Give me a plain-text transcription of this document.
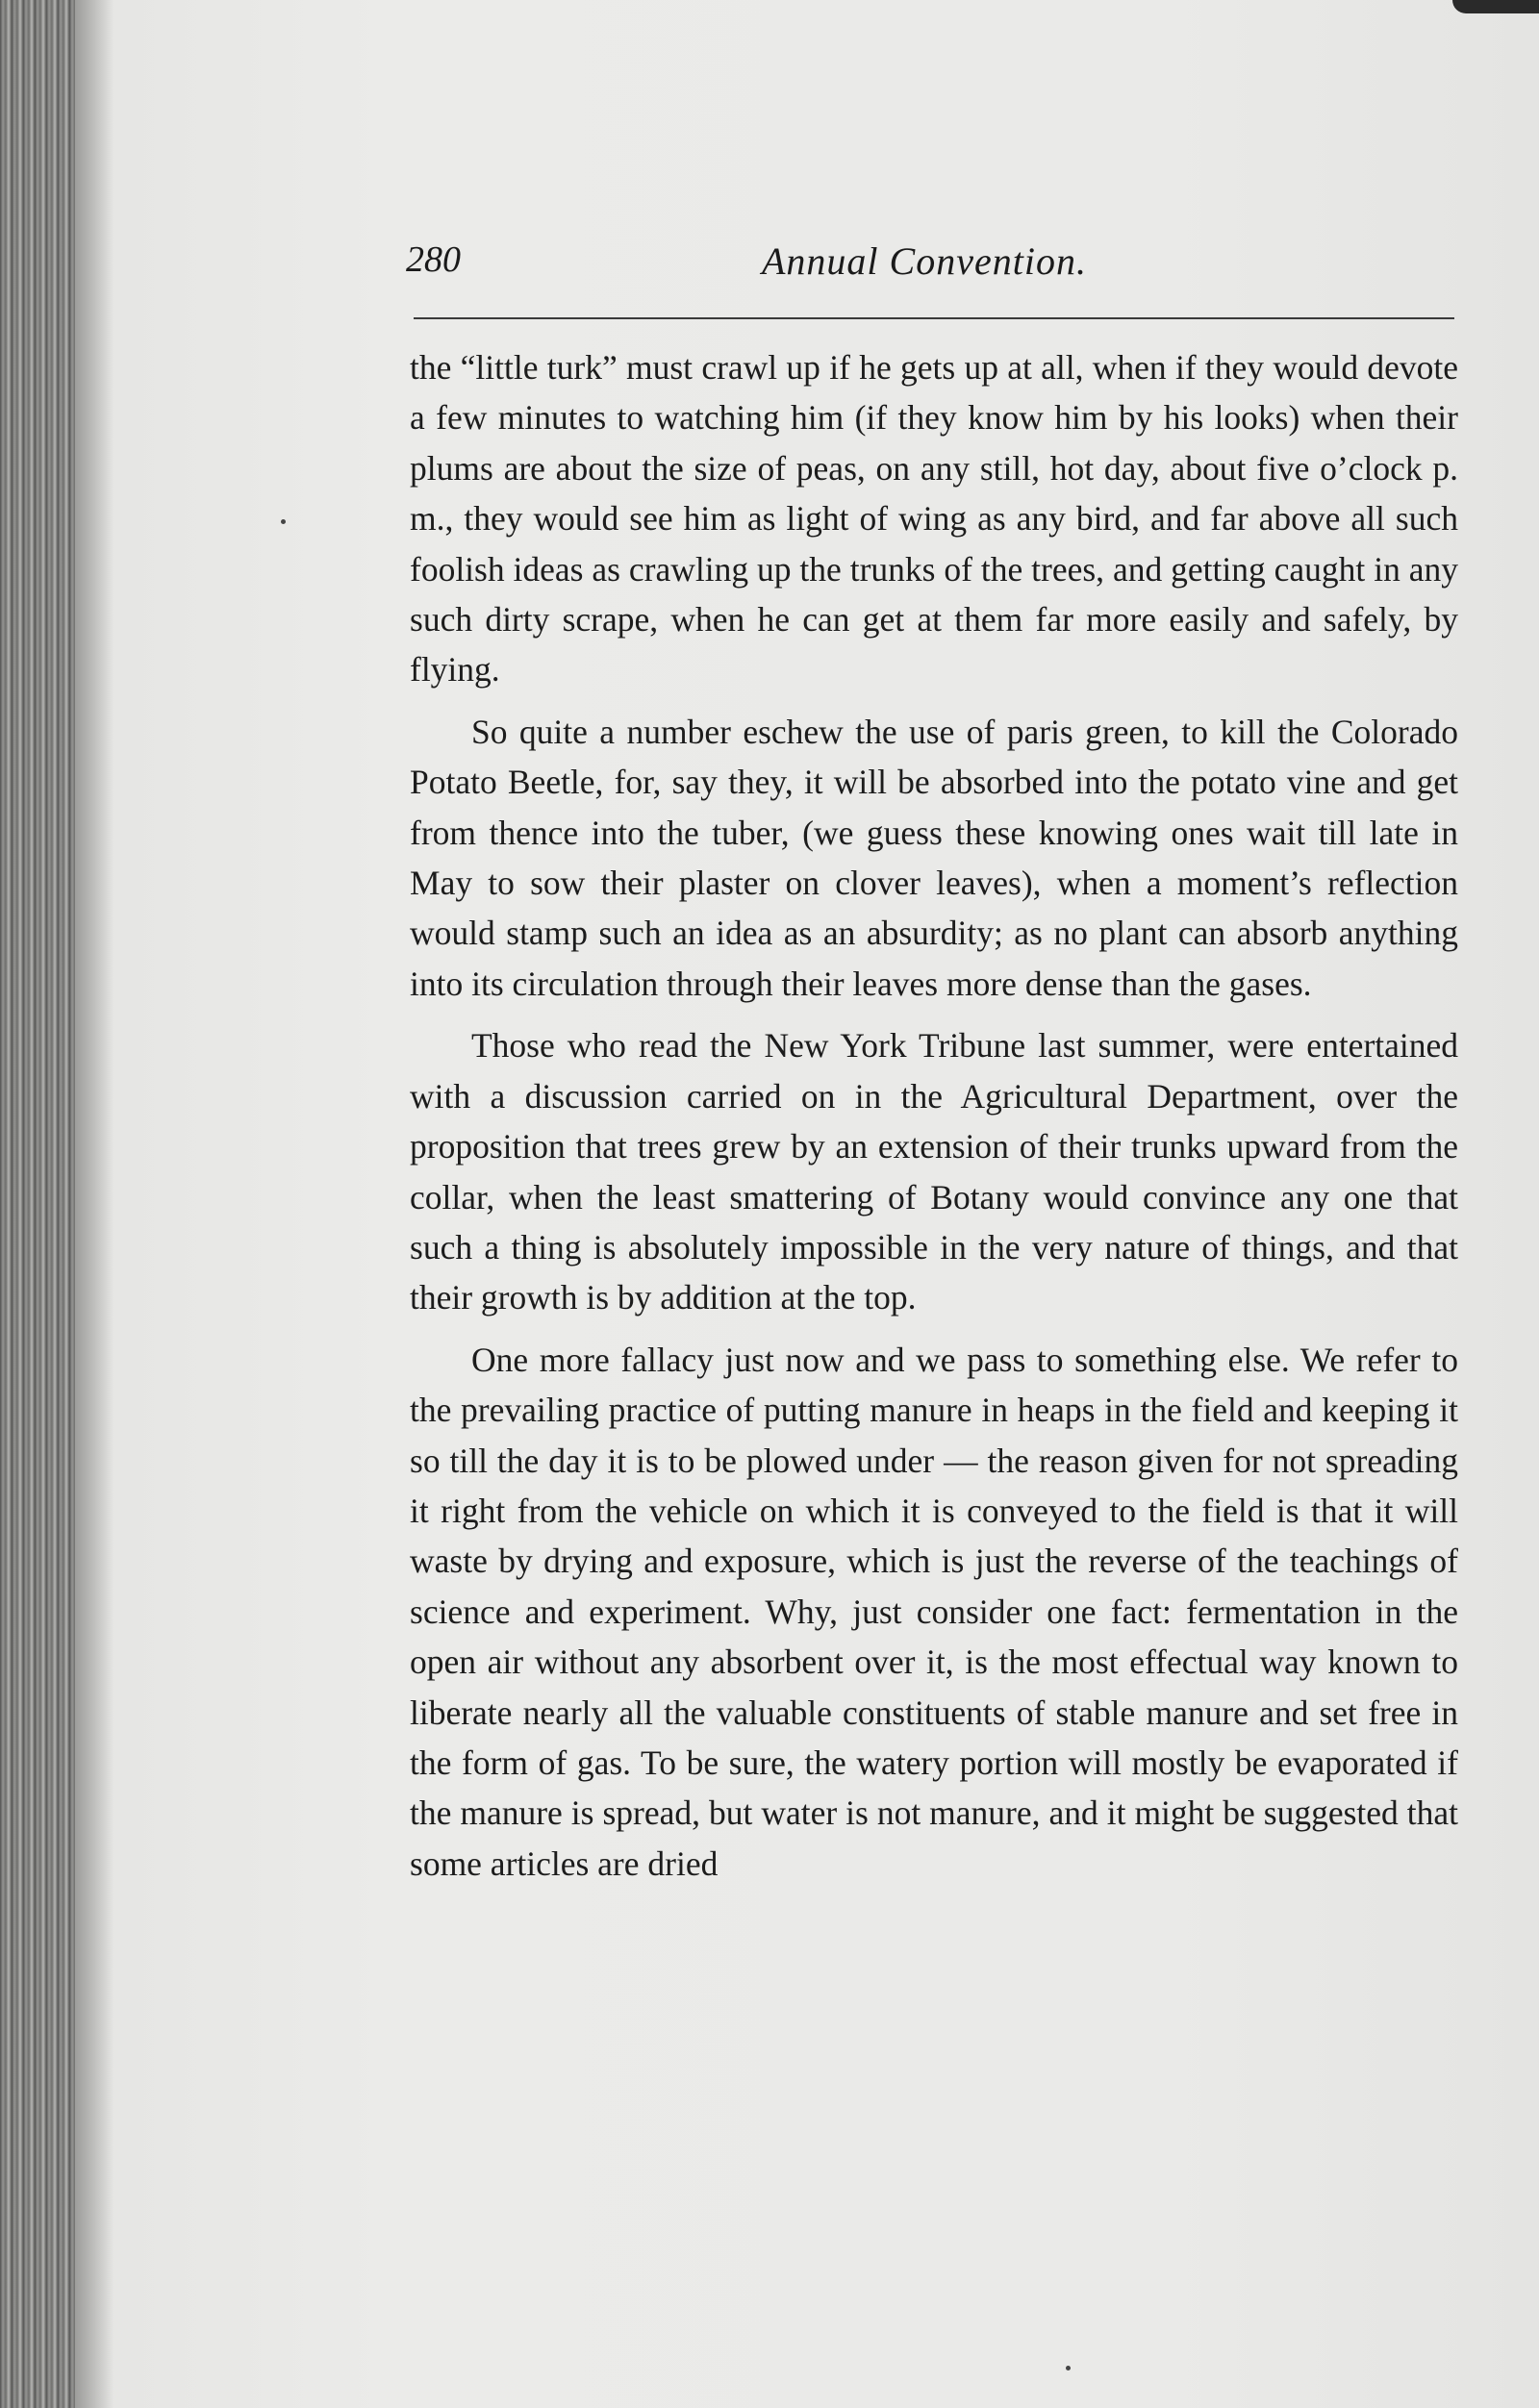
280	Annual Convention.

the “little turk” must crawl up if he gets up at all, when if they would devote a few minutes to watching him (if they know him by his looks) when their plums are about the size of peas, on any still, hot day, about five o’clock p. m., they would see him as light of wing as any bird, and far above all such foolish ideas as crawling up the trunks of the trees, and getting caught in any such dirty scrape, when he can get at them far more easily and safely, by flying.

So quite a number eschew the use of paris green, to kill the Colorado Potato Beetle, for, say they, it will be absorbed into the potato vine and get from thence into the tuber, (we guess these knowing ones wait till late in May to sow their plaster on clover leaves), when a moment’s reflection would stamp such an idea as an absurdity; as no plant can absorb anything into its circulation through their leaves more dense than the gases.

Those who read the New York Tribune last summer, were entertained with a discussion carried on in the Agricultural Department, over the proposition that trees grew by an extension of their trunks upward from the collar, when the least smattering of Botany would convince any one that such a thing is absolutely impossible in the very nature of things, and that their growth is by addition at the top.

One more fallacy just now and we pass to something else. We refer to the prevailing practice of putting manure in heaps in the field and keeping it so till the day it is to be plowed under — the reason given for not spreading it right from the vehicle on which it is conveyed to the field is that it will waste by drying and exposure, which is just the reverse of the teachings of science and experiment. Why, just consider one fact: fermentation in the open air without any absorbent over it, is the most effectual way known to liberate nearly all the valuable constituents of stable manure and set free in the form of gas. To be sure, the watery portion will mostly be evaporated if the manure is spread, but water is not manure, and it might be suggested that some articles are dried
